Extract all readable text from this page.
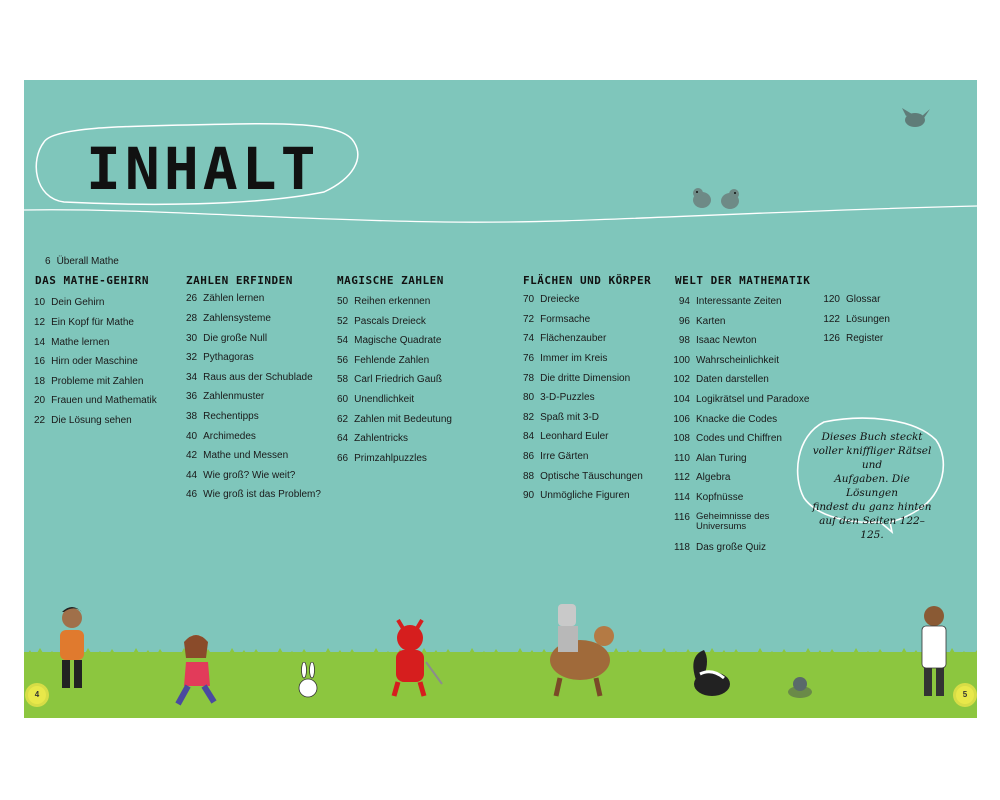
INHALT
4	5
6 Überall Mathe
DAS MATHE-GEHIRN
10 Dein Gehirn
12 Ein Kopf für Mathe
14 Mathe lernen
16 Hirn oder Maschine
18 Probleme mit Zahlen
20 Frauen und Mathematik
22 Die Lösung sehen
ZAHLEN ERFINDEN
26 Zählen lernen
28 Zahlensysteme
30 Die große Null
32 Pythagoras
34 Raus aus der Schublade
36 Zahlenmuster
38 Rechentipps
40 Archimedes
42 Mathe und Messen
44 Wie groß? Wie weit?
46 Wie groß ist das Problem?
MAGISCHE ZAHLEN
50 Reihen erkennen
52 Pascals Dreieck
54 Magische Quadrate
56 Fehlende Zahlen
58 Carl Friedrich Gauß
60 Unendlichkeit
62 Zahlen mit Bedeutung
64 Zahlentricks
66 Primzahlpuzzles
FLÄCHEN UND KÖRPER
70 Dreiecke
72 Formsache
74 Flächenzauber
76 Immer im Kreis
78 Die dritte Dimension
80 3-D-Puzzles
82 Spaß mit 3-D
84 Leonhard Euler
86 Irre Gärten
88 Optische Täuschungen
90 Unmögliche Figuren
WELT DER MATHEMATIK
94 Interessante Zeiten
96 Karten
98 Isaac Newton
100 Wahrscheinlichkeit
102 Daten darstellen
104 Logikrätsel und Paradoxe
106 Knacke die Codes
108 Codes und Chiffren
110 Alan Turing
112 Algebra
114 Kopfnüsse
116 Geheimnisse des
Universums
118 Das große Quiz
120 Glossar
122 Lösungen
126 Register
Dieses Buch steckt
voller kniffliger Rätsel und
Aufgaben. Die Lösungen
findest du ganz hinten
auf den Seiten 122–125.
